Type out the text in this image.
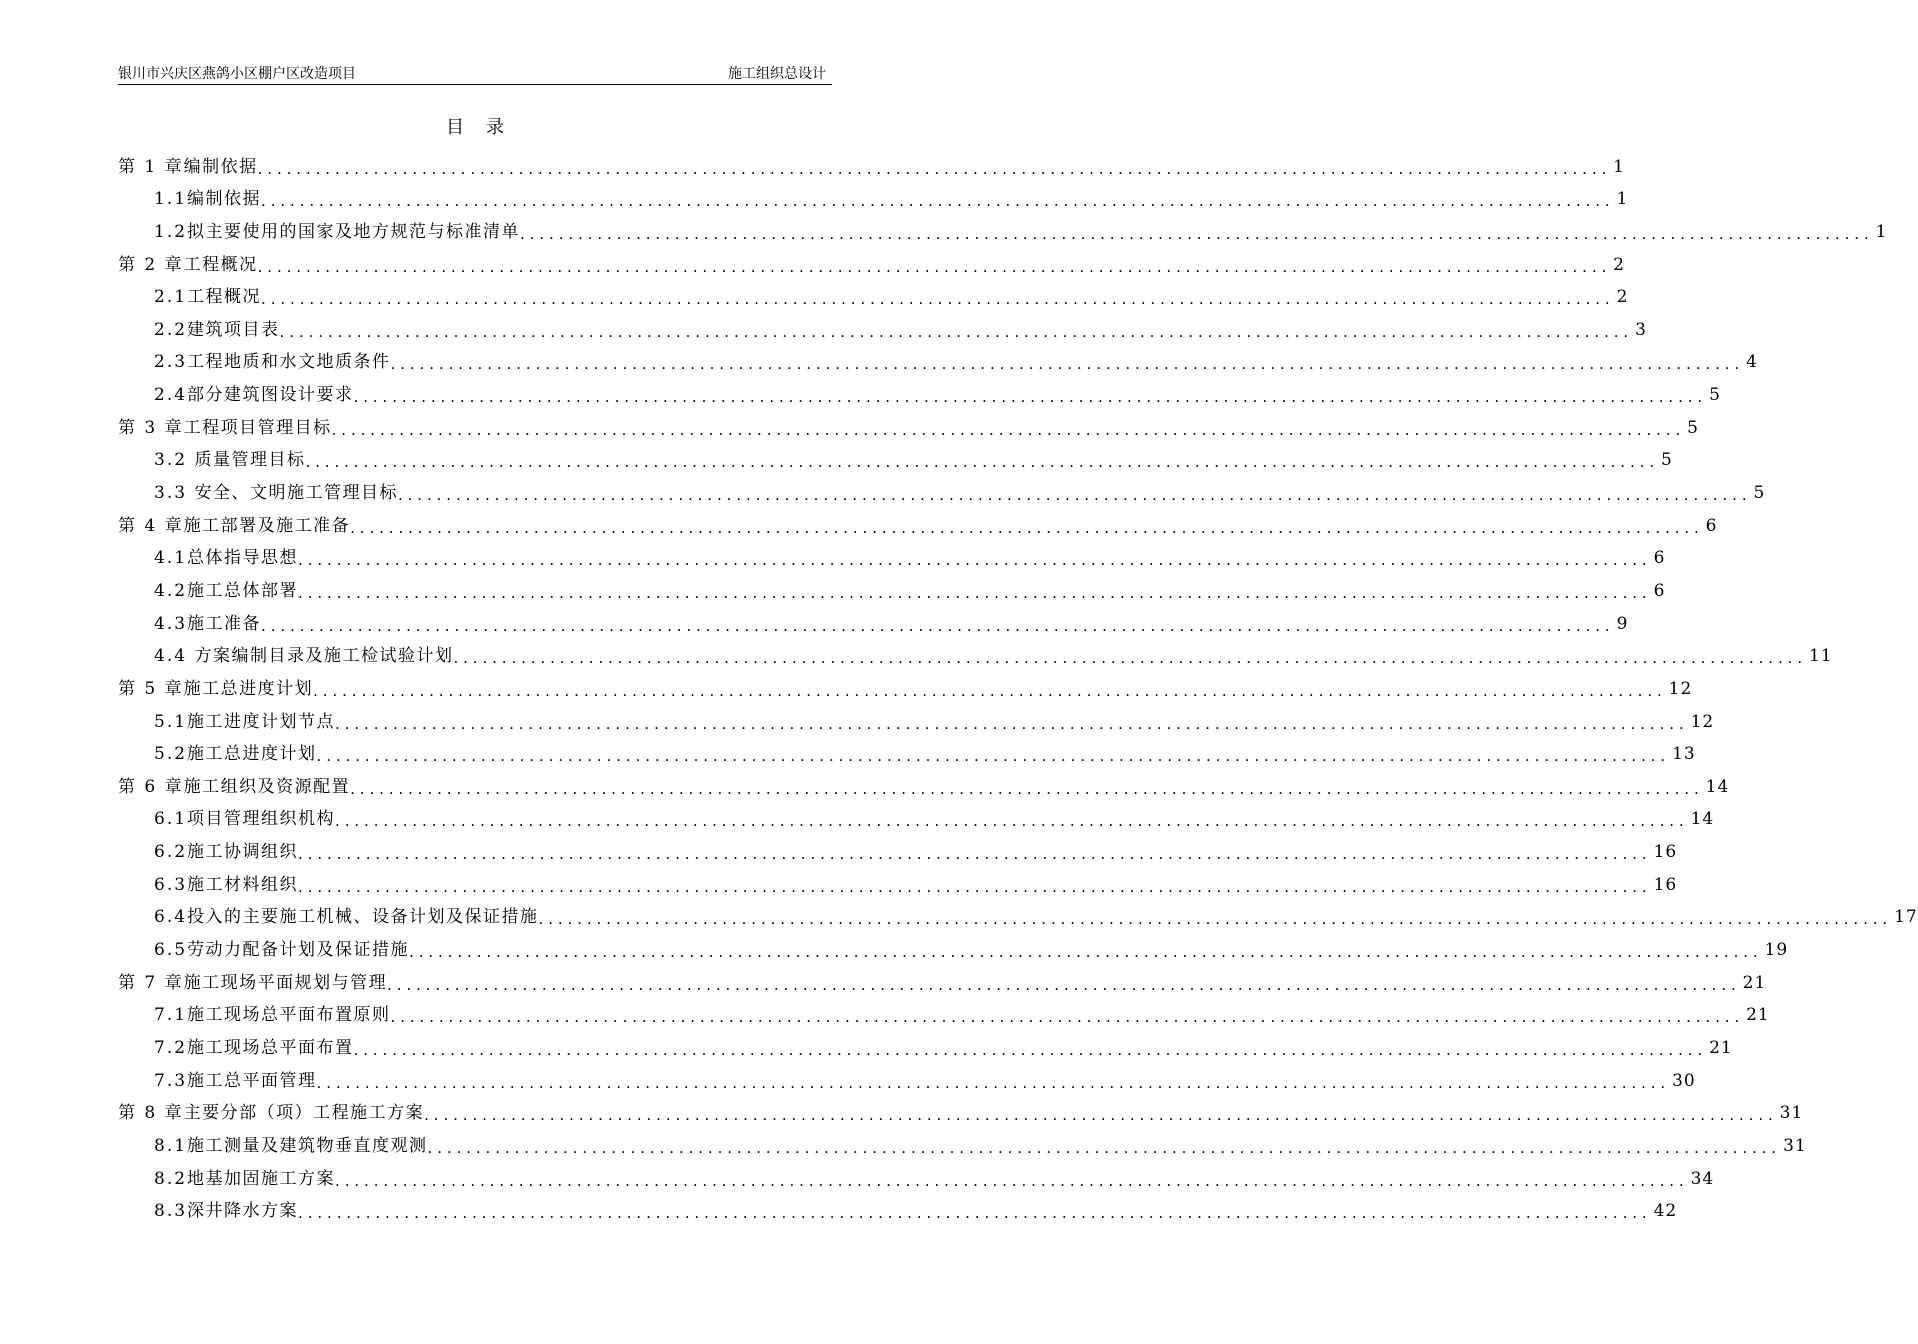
银川市兴庆区燕鸽小区棚户区改造项目	施工组织总设计
目 录
第 1 章 编制依据 ............................................................................................................................................ 1
1.1 编制依据 ............................................................................................................................................ 1
1.2 拟主要使用的国家及地方规范与标准清单 ............................................................................................................................................ 1
第 2 章 工程概况 ............................................................................................................................................ 2
2.1 工程概况 ............................................................................................................................................ 2
2.2 建筑项目表 ............................................................................................................................................ 3
2.3 工程地质和水文地质条件 ............................................................................................................................................ 4
2.4 部分建筑图设计要求 ............................................................................................................................................ 5
第 3 章 工程项目管理目标 ............................................................................................................................................ 5
3.2 质量管理目标 ............................................................................................................................................ 5
3.3 安全、文明施工管理目标 ............................................................................................................................................ 5
第 4 章 施工部署及施工准备 ............................................................................................................................................ 6
4.1 总体指导思想 ............................................................................................................................................ 6
4.2 施工总体部署 ............................................................................................................................................ 6
4.3 施工准备 ............................................................................................................................................ 9
4.4 方案编制目录及施工检试验计划 ............................................................................................................................................ 11
第 5 章 施工总进度计划 ............................................................................................................................................ 12
5.1 施工进度计划节点 ............................................................................................................................................ 12
5.2 施工总进度计划 ............................................................................................................................................ 13
第 6 章 施工组织及资源配置 ............................................................................................................................................ 14
6.1 项目管理组织机构 ............................................................................................................................................ 14
6.2 施工协调组织 ............................................................................................................................................ 16
6.3 施工材料组织 ............................................................................................................................................ 16
6.4 投入的主要施工机械、设备计划及保证措施 ............................................................................................................................................ 17
6.5 劳动力配备计划及保证措施 ............................................................................................................................................ 19
第 7 章 施工现场平面规划与管理 ............................................................................................................................................ 21
7.1 施工现场总平面布置原则 ............................................................................................................................................ 21
7.2 施工现场总平面布置 ............................................................................................................................................ 21
7.3 施工总平面管理 ............................................................................................................................................ 30
第 8 章 主要分部（项）工程施工方案 ............................................................................................................................................ 31
8.1 施工测量及建筑物垂直度观测 ............................................................................................................................................ 31
8.2 地基加固施工方案 ............................................................................................................................................ 34
8.3 深井降水方案 ............................................................................................................................................ 42
